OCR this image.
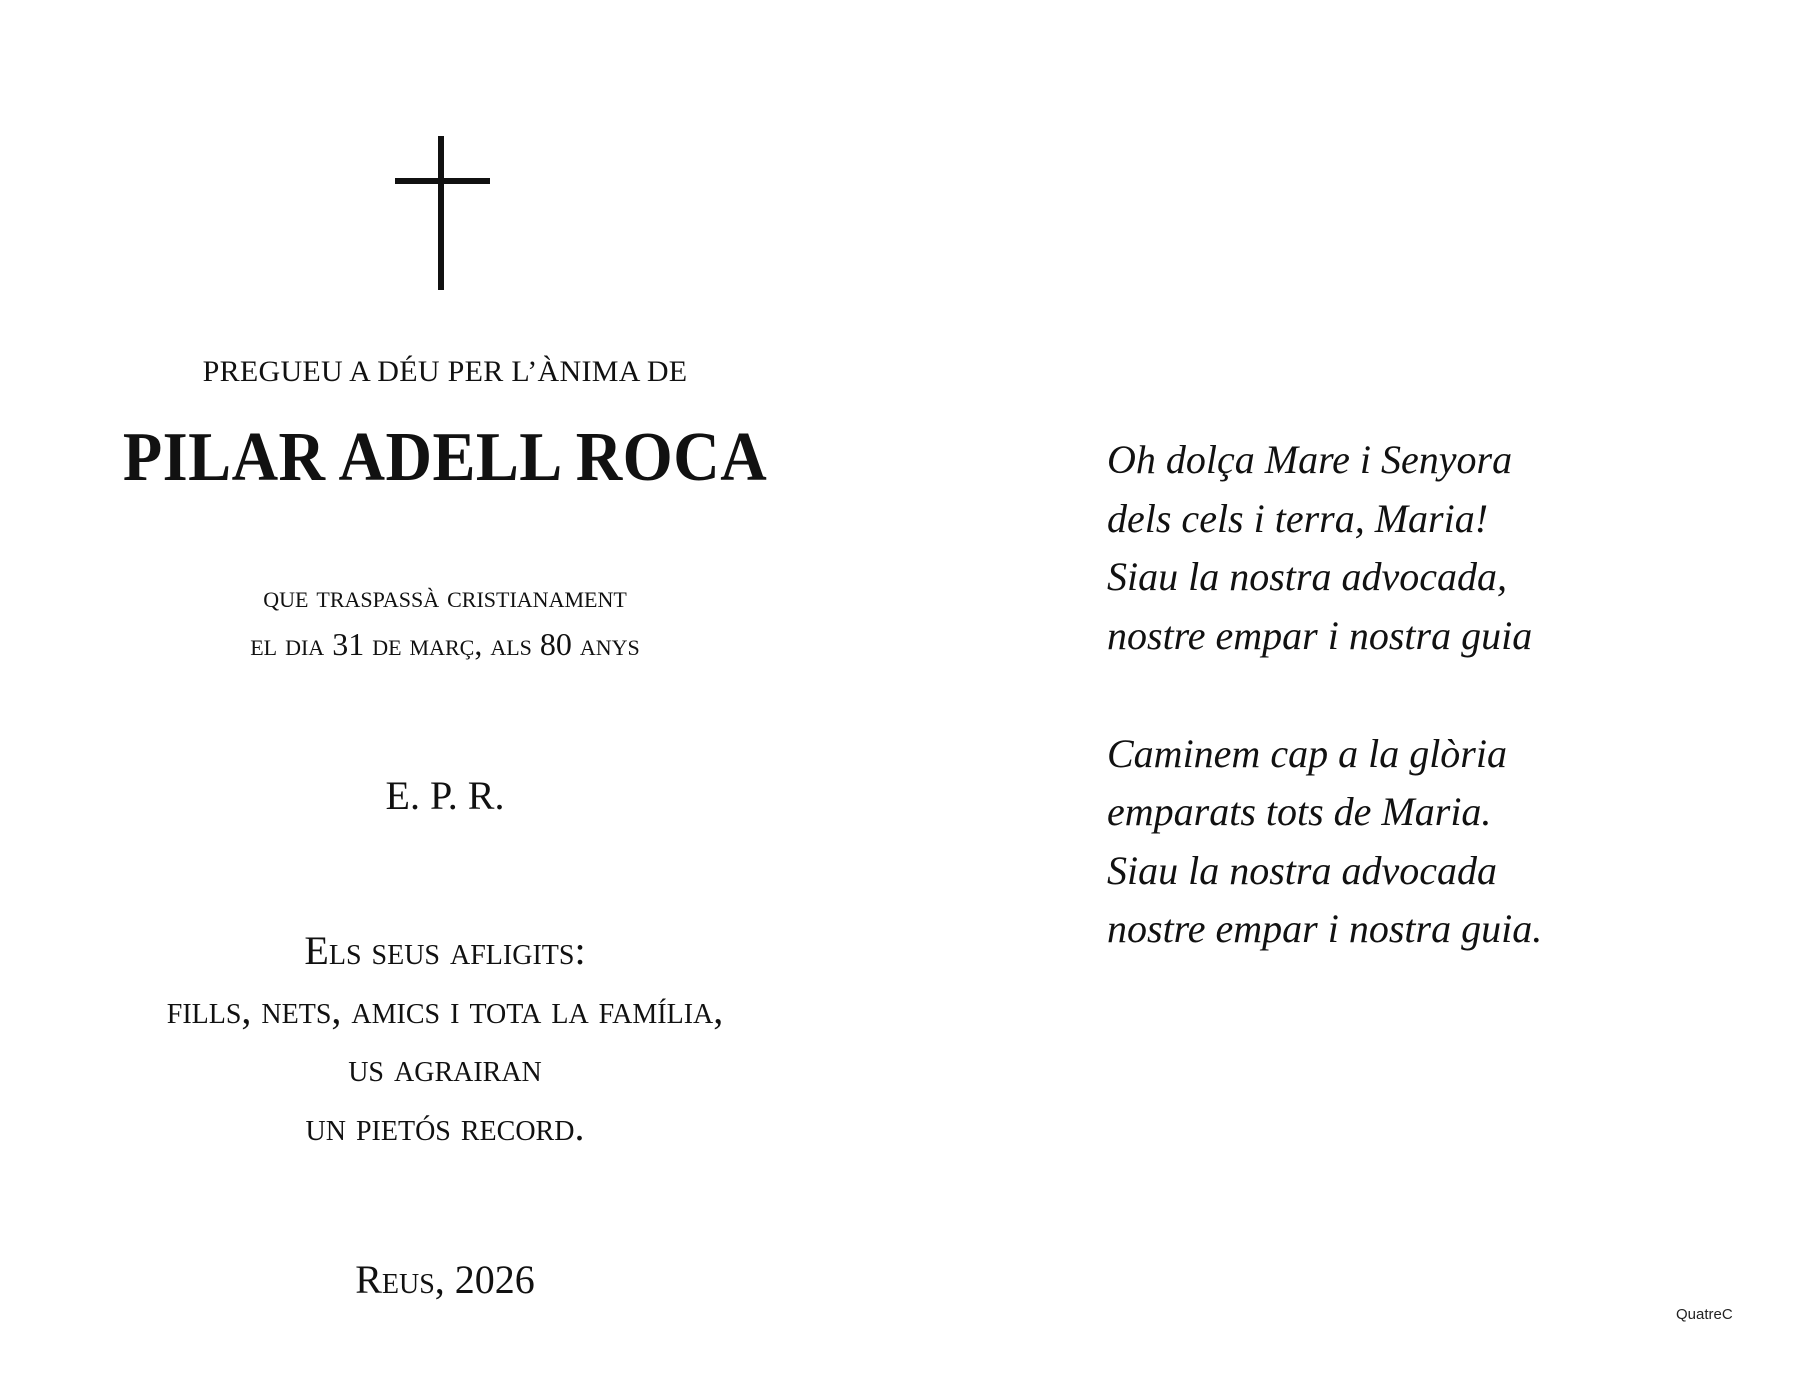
PREGUEU A DÉU PER L’ÀNIMA DE
PILAR ADELL ROCA
que traspassà cristianament
el dia 31 de març, als 80 anys
E. P. R.
Els seus afligits:
fills, nets, amics i tota la família,
us agrairan
un pietós record.
Reus, 2026
Oh dolça Mare i Senyora
dels cels i terra, Maria!
Siau la nostra advocada,
nostre empar i nostra guia
Caminem cap a la glòria
emparats tots de Maria.
Siau la nostra advocada
nostre empar i nostra guia.
QuatreC
